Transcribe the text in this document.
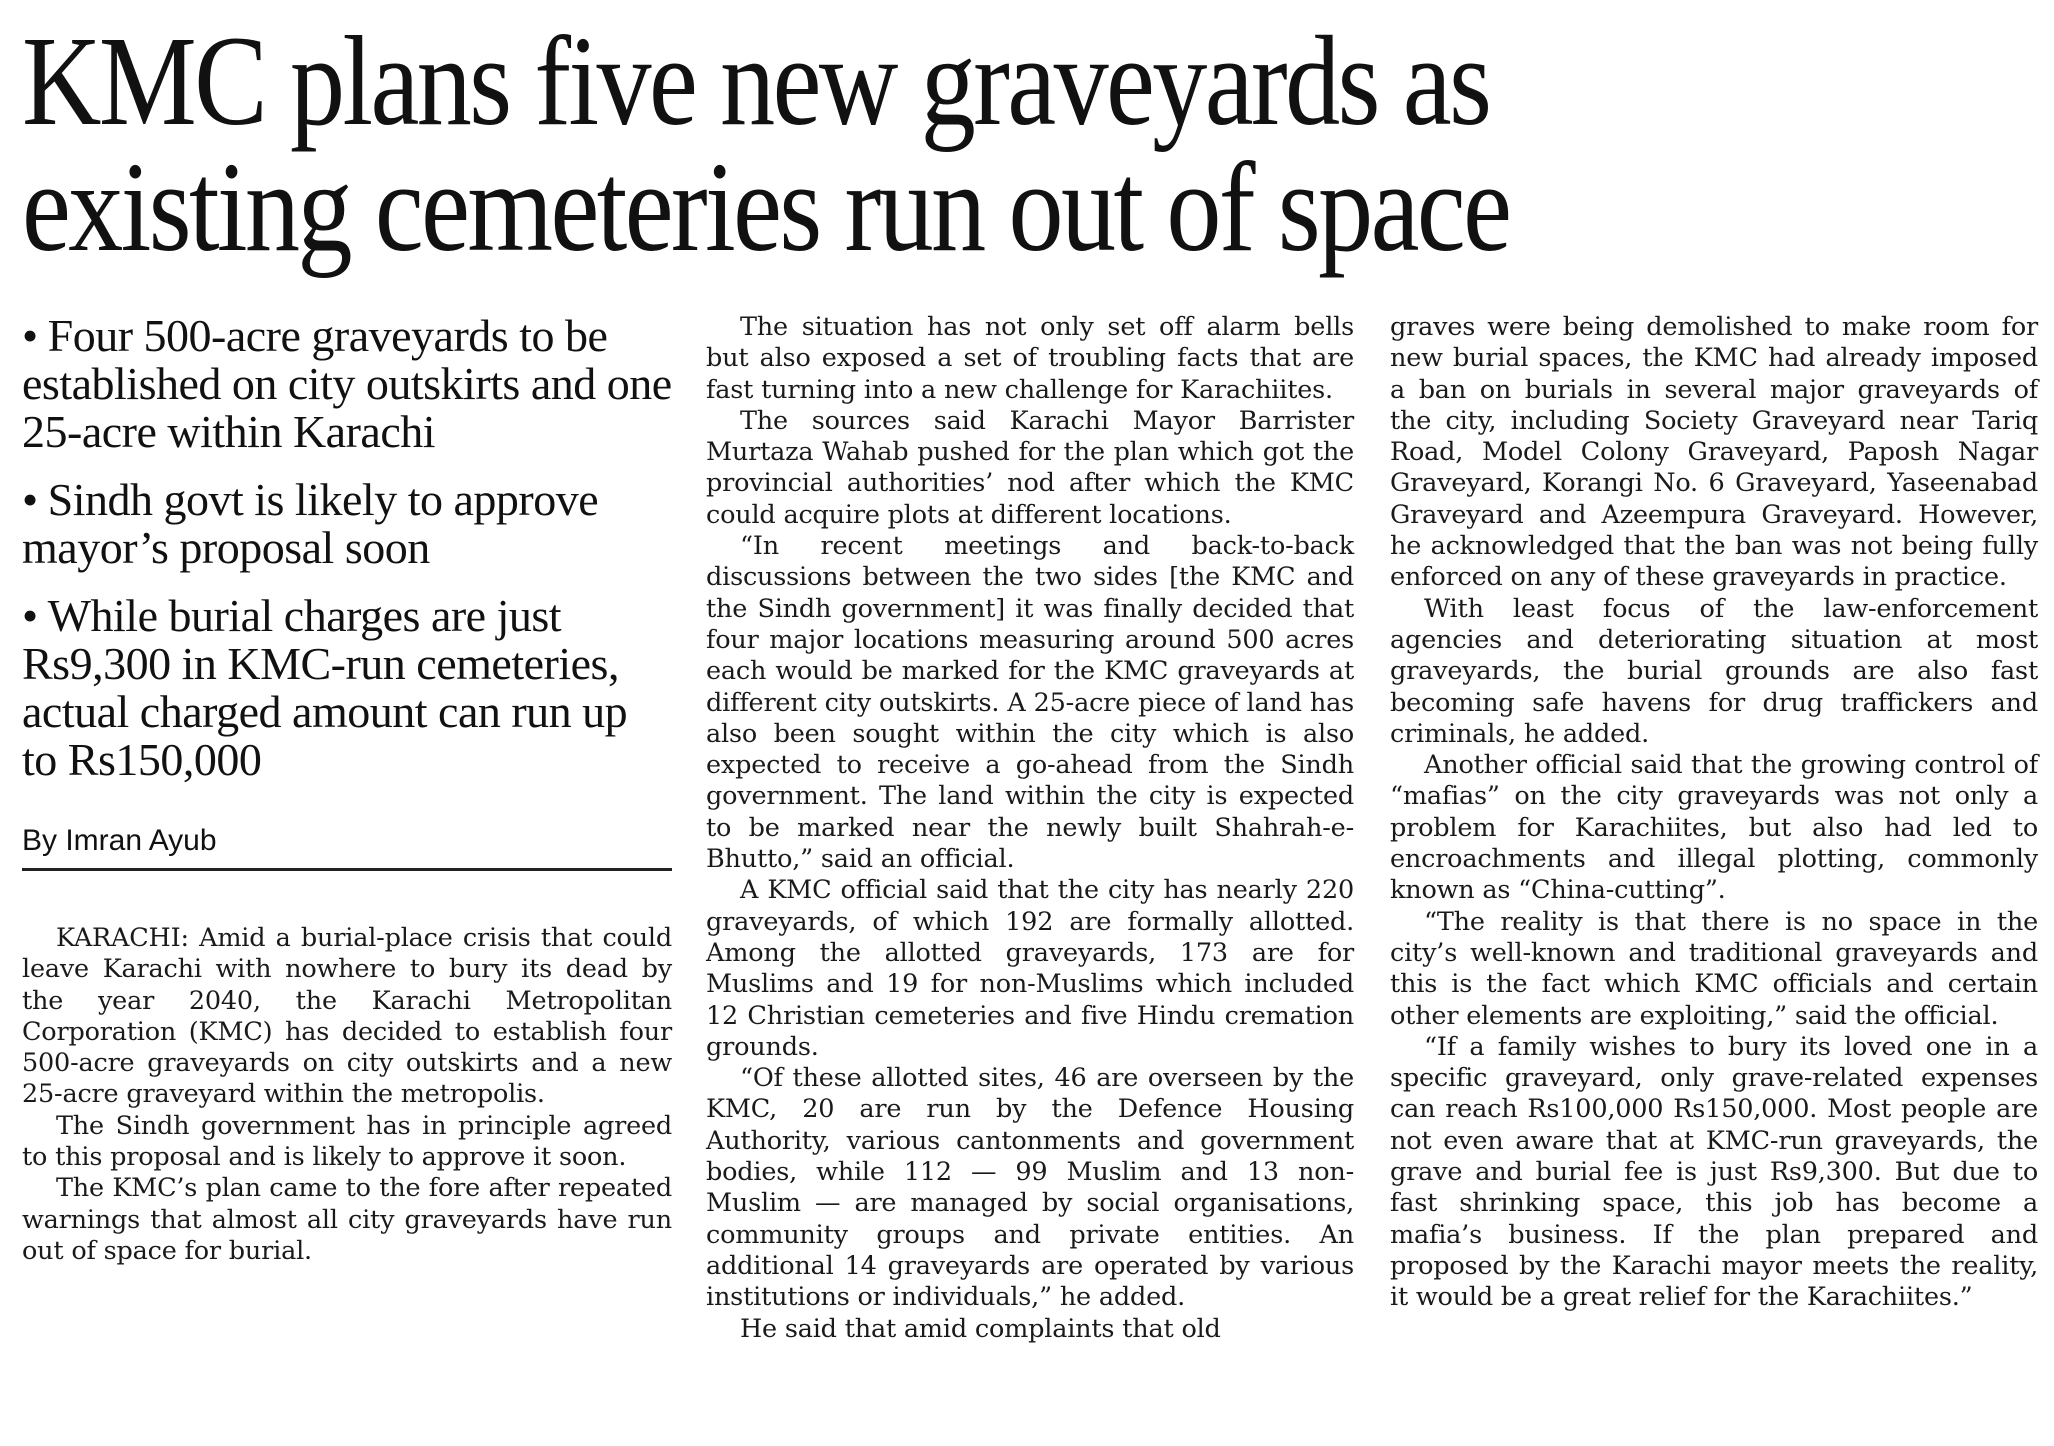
KMC plans five new graveyards as
existing cemeteries run out of space
• Four 500-acre graveyards to be established on city outskirts and one 25-acre within Karachi
• Sindh govt is likely to approve mayor’s proposal soon
• While burial charges are just Rs9,300 in KMC-run cemeteries, actual charged amount can run up to Rs150,000
By Imran Ayub

KARACHI: Amid a burial-place crisis that could leave Karachi with nowhere to bury its dead by the year 2040, the Karachi Metropolitan Corporation (KMC) has decided to establish four 500-acre graveyards on city outskirts and a new 25-acre graveyard within the metropolis.

The Sindh government has in principle agreed to this proposal and is likely to approve it soon.

The KMC’s plan came to the fore after repeated warnings that almost all city graveyards have run out of space for burial.

The situation has not only set off alarm bells but also exposed a set of troubling facts that are fast turning into a new challenge for Karachiites.

The sources said Karachi Mayor Barrister Murtaza Wahab pushed for the plan which got the provincial authorities’ nod after which the KMC could acquire plots at different locations.

“In recent meetings and back-to-back discussions between the two sides [the KMC and the Sindh government] it was finally decided that four major locations measuring around 500 acres each would be marked for the KMC graveyards at different city outskirts. A 25-acre piece of land has also been sought within the city which is also expected to receive a go-ahead from the Sindh government. The land within the city is expected to be marked near the newly built Shahrah-e-Bhutto,” said an official.

A KMC official said that the city has nearly 220 graveyards, of which 192 are formally allotted. Among the allotted graveyards, 173 are for Muslims and 19 for non-Muslims which included 12 Christian cemeteries and five Hindu cremation grounds.

“Of these allotted sites, 46 are overseen by the KMC, 20 are run by the Defence Housing Authority, various cantonments and government bodies, while 112 — 99 Muslim and 13 non-Muslim — are managed by social organisations, community groups and private entities. An additional 14 graveyards are operated by various institutions or individuals,” he added.

He said that amid complaints that old

graves were being demolished to make room for new burial spaces, the KMC had already imposed a ban on burials in several major graveyards of the city, including Society Graveyard near Tariq Road, Model Colony Graveyard, Paposh Nagar Graveyard, Korangi No. 6 Graveyard, Yaseenabad Graveyard and Azeempura Graveyard. However, he acknowledged that the ban was not being fully enforced on any of these graveyards in practice.

With least focus of the law-enforcement agencies and deteriorating situation at most graveyards, the burial grounds are also fast becoming safe havens for drug traffickers and criminals, he added.

Another official said that the growing control of “mafias” on the city graveyards was not only a problem for Karachiites, but also had led to encroachments and illegal plotting, commonly known as “China-cutting”.

“The reality is that there is no space in the city’s well-known and traditional graveyards and this is the fact which KMC officials and certain other elements are exploiting,” said the official.

“If a family wishes to bury its loved one in a specific graveyard, only grave-related expenses can reach Rs100,000 Rs150,000. Most people are not even aware that at KMC-run graveyards, the grave and burial fee is just Rs9,300. But due to fast shrinking space, this job has become a mafia’s business. If the plan prepared and proposed by the Karachi mayor meets the reality, it would be a great relief for the Karachiites.”
